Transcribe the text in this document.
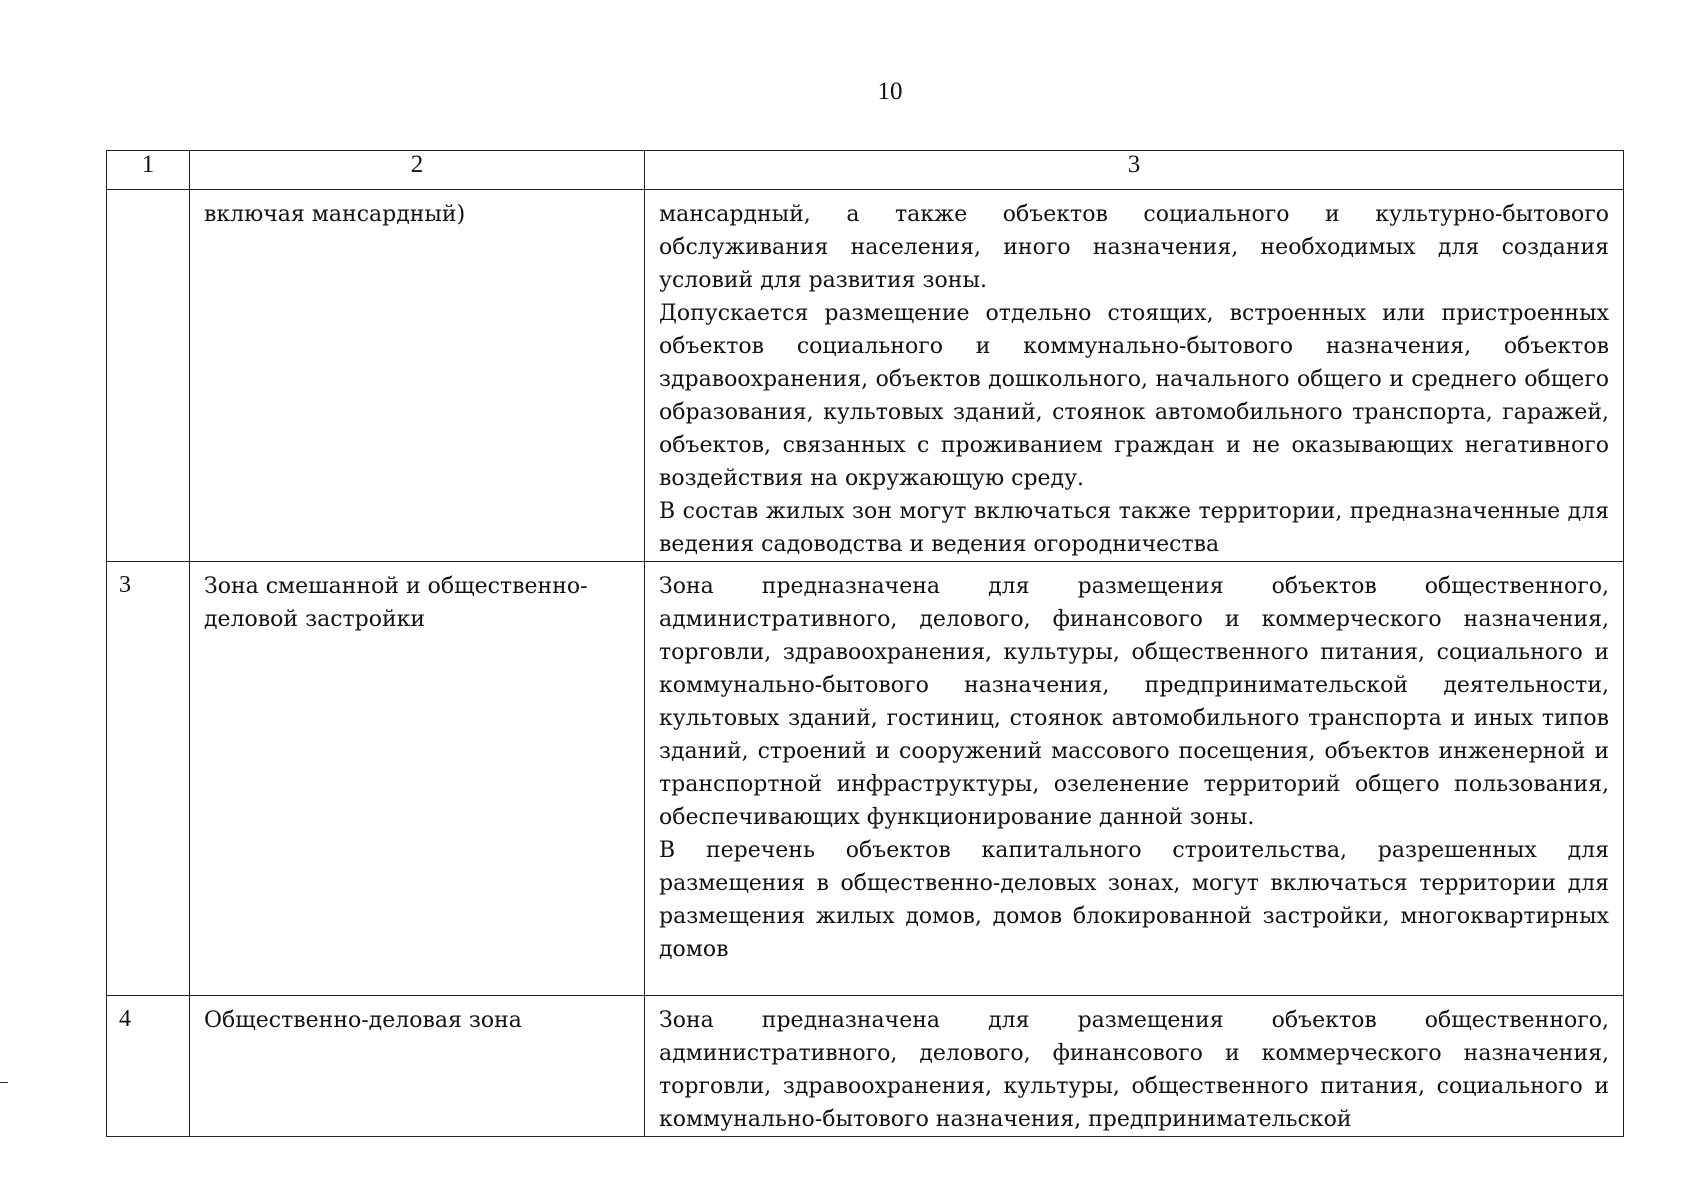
10
1	2	3
	включая мансардный)	мансардный, а также объектов социального и культурно-бытового обслуживания населения, иного назначения, необходимых для создания условий для развития зоны.

Допускается размещение отдельно стоящих, встроенных или пристроенных объектов социального и коммунально-бытового назначения, объектов здравоохранения, объектов дошкольного, начального общего и среднего общего образования, культовых зданий, стоянок автомобильного транспорта, гаражей, объектов, связанных с проживанием граждан и не оказывающих негативного воздействия на окружающую среду.

В состав жилых зон могут включаться также территории, предназначенные для ведения садоводства и ведения огородничества

3	Зона смешанной и общественно-деловой застройки	Зона предназначена для размещения объектов общественного, административного, делового, финансового и коммерческого назначения, торговли, здравоохранения, культуры, общественного питания, социального и коммунально-бытового назначения, предпринимательской деятельности, культовых зданий, гостиниц, стоянок автомобильного транспорта и иных типов зданий, строений и сооружений массового посещения, объектов инженерной и транспортной инфраструктуры, озеленение территорий общего пользования, обеспечивающих функционирование данной зоны.

В перечень объектов капитального строительства, разрешенных для размещения в общественно-деловых зонах, могут включаться территории для размещения жилых домов, домов блокированной застройки, многоквартирных домов

4	Общественно-деловая зона	Зона предназначена для размещения объектов общественного, административного, делового, финансового и коммерческого назначения, торговли, здравоохранения, культуры, общественного питания, социального и коммунально-бытового назначения, предпринимательской
